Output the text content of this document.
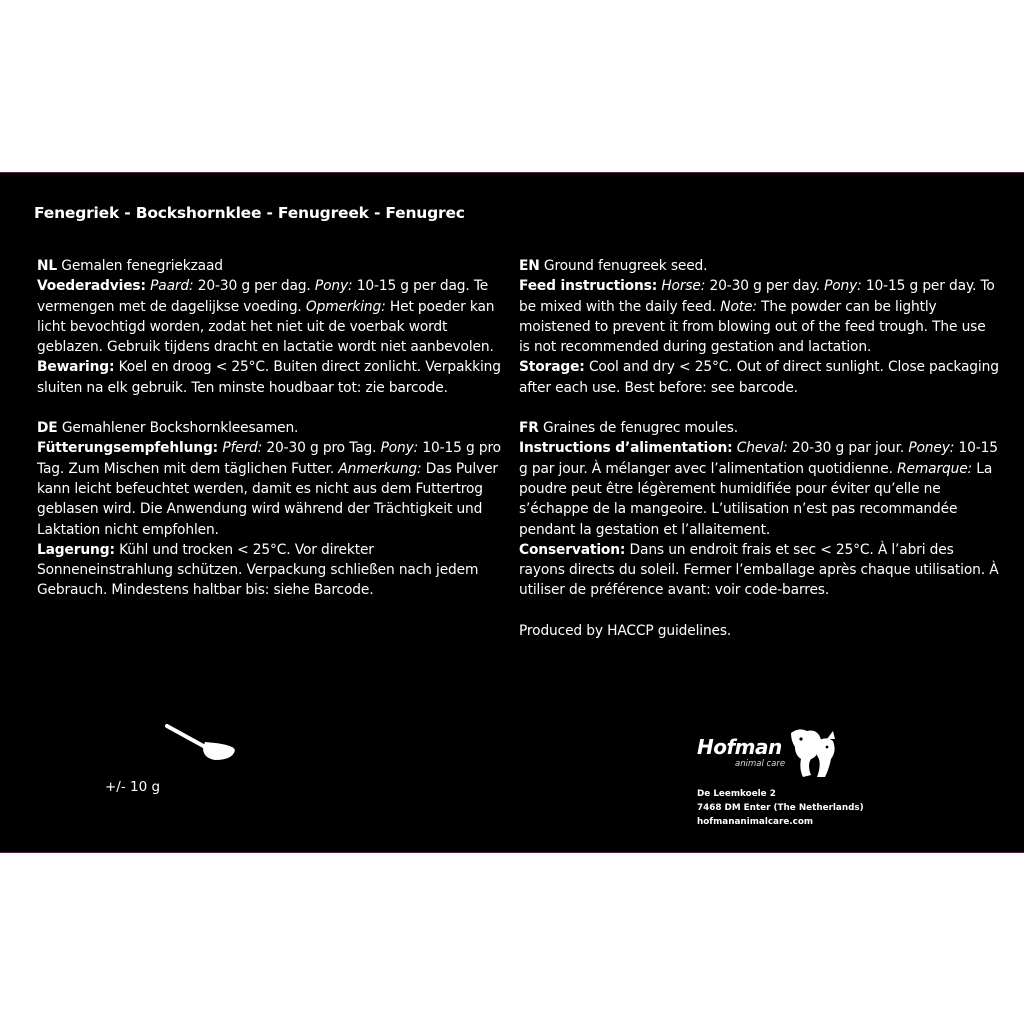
Fenegriek - Bockshornklee - Fenugreek - Fenugrec

NL Gemalen fenegriekzaad

Voederadvies: Paard: 20-30 g per dag. Pony: 10-15 g per dag. Te vermengen met de dagelijkse voeding. Opmerking: Het poeder kan licht bevochtigd worden, zodat het niet uit de voerbak wordt geblazen. Gebruik tijdens dracht en lactatie wordt niet aanbevolen.

Bewaring: Koel en droog < 25°C. Buiten direct zonlicht. Verpakking sluiten na elk gebruik. Ten minste houdbaar tot: zie barcode.

DE Gemahlener Bockshornkleesamen.

Fütterungsempfehlung: Pferd: 20-30 g pro Tag. Pony: 10-15 g pro Tag. Zum Mischen mit dem täglichen Futter. Anmerkung: Das Pulver kann leicht befeuchtet werden, damit es nicht aus dem Futtertrog geblasen wird. Die Anwendung wird während der Trächtigkeit und Laktation nicht empfohlen.

Lagerung: Kühl und trocken < 25°C. Vor direkter Sonneneinstrahlung schützen. Verpackung schließen nach jedem Gebrauch. Mindestens haltbar bis: siehe Barcode.

EN Ground fenugreek seed.

Feed instructions: Horse: 20-30 g per day. Pony: 10-15 g per day. To be mixed with the daily feed. Note: The powder can be lightly moistened to prevent it from blowing out of the feed trough. The use is not recommended during gestation and lactation.

Storage: Cool and dry < 25°C. Out of direct sunlight. Close packaging after each use. Best before: see barcode.

FR Graines de fenugrec moules.

Instructions d’alimentation: Cheval: 20-30 g par jour. Poney: 10-15 g par jour. À mélanger avec l’alimentation quotidienne. Remarque: La poudre peut être légèrement humidifiée pour éviter qu’elle ne s’échappe de la mangeoire. L’utilisation n’est pas recommandée pendant la gestation et l’allaitement.

Conservation: Dans un endroit frais et sec < 25°C. À l’abri des rayons directs du soleil. Fermer l’emballage après chaque utilisation. À utiliser de préférence avant: voir code-barres.

Produced by HACCP guidelines.

+/- 10 g
Hofman
animal care
De Leemkoele 2
7468 DM Enter (The Netherlands)
hofmananimalcare.com
